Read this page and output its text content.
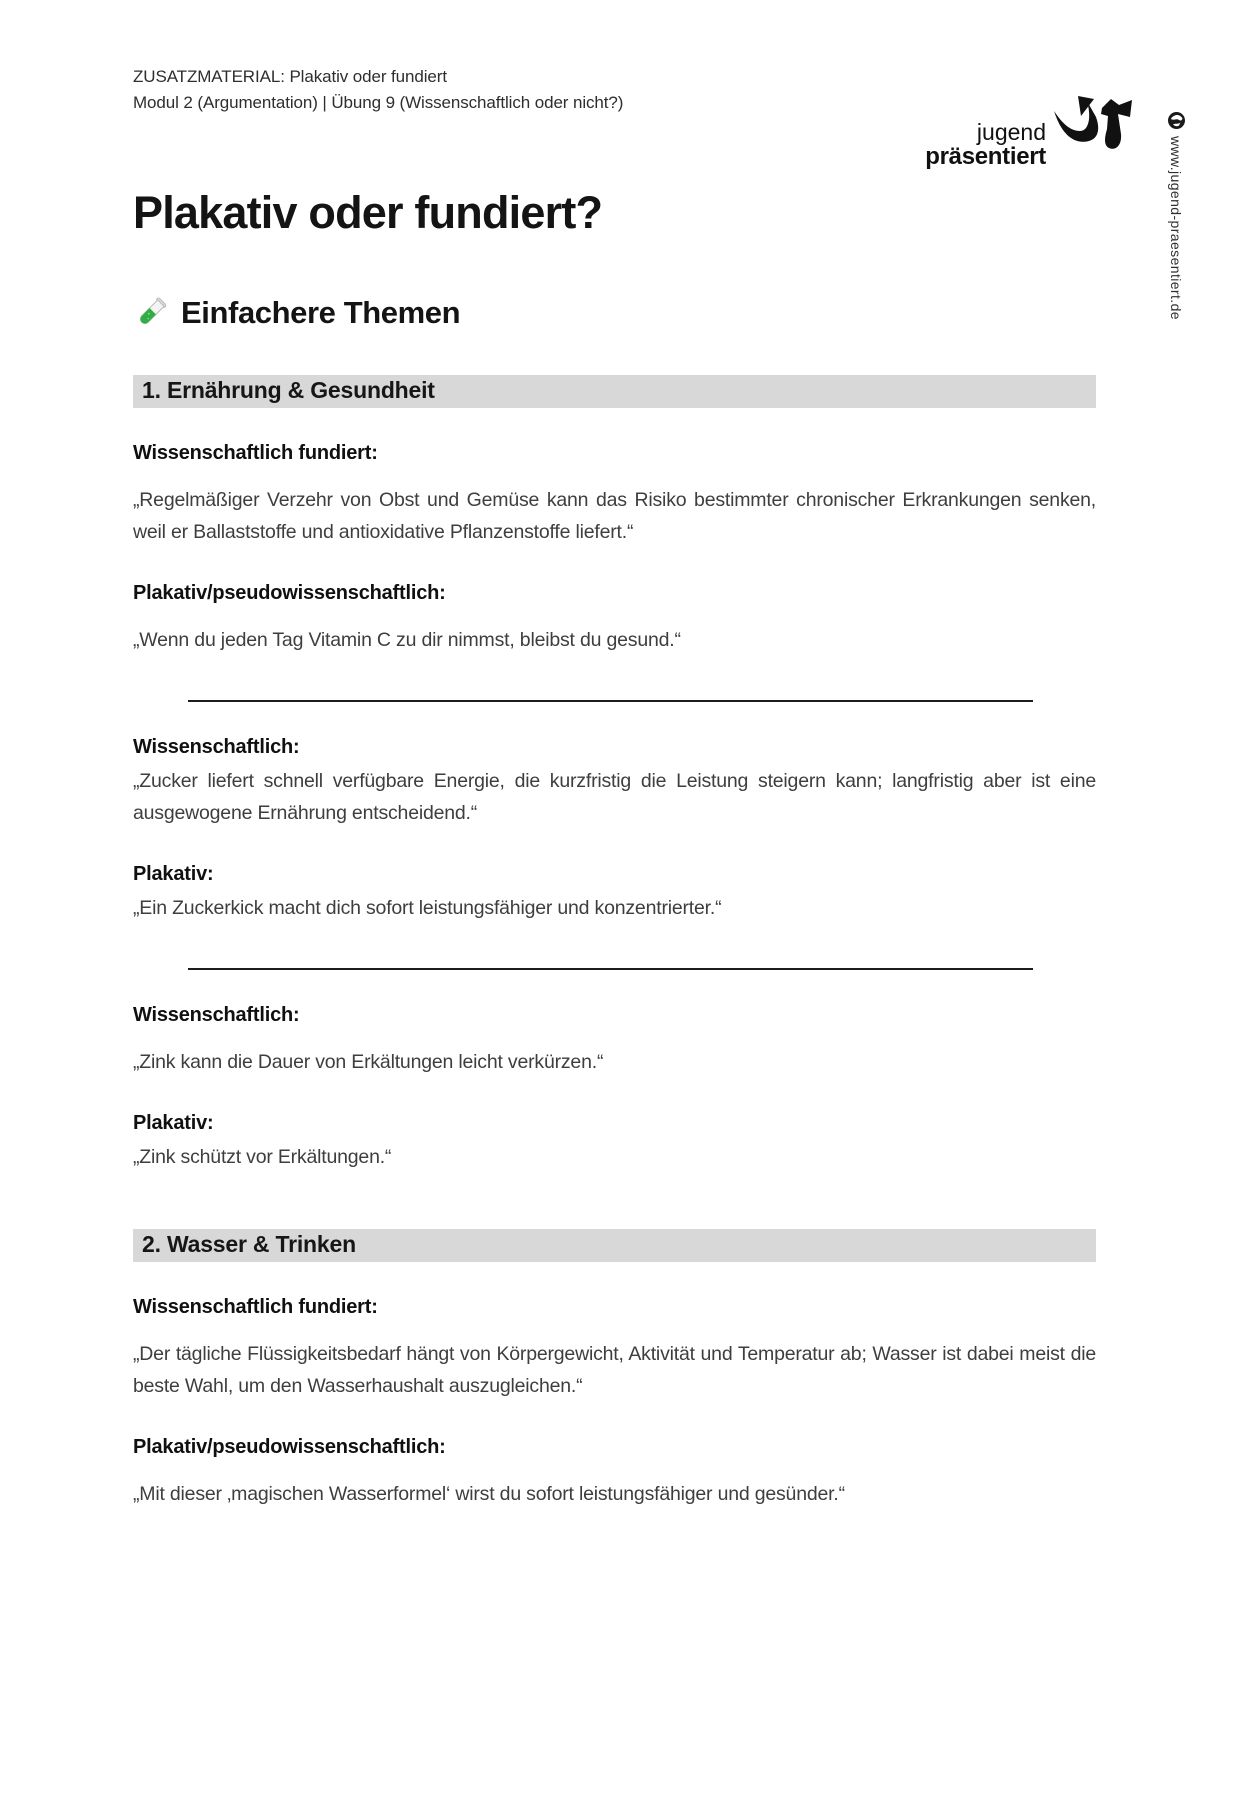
jugend
präsentiert	www.jugend-praesentiert.de
ZUSATZMATERIAL: Plakativ oder fundiert
Modul 2 (Argumentation) | Übung 9 (Wissenschaftlich oder nicht?)
Plakativ oder fundiert?
Einfachere Themen
1. Ernährung & Gesundheit
Wissenschaftlich fundiert:

„Regelmäßiger Verzehr von Obst und Gemüse kann das Risiko bestimmter chronischer Erkrankungen senken, weil er Ballaststoffe und antioxidative Pflanzenstoffe liefert.“

Plakativ/pseudowissenschaftlich:

„Wenn du jeden Tag Vitamin C zu dir nimmst, bleibst du gesund.“

Wissenschaftlich:

„Zucker liefert schnell verfügbare Energie, die kurzfristig die Leistung steigern kann; langfristig aber ist eine ausgewogene Ernährung entscheidend.“

Plakativ:

„Ein Zuckerkick macht dich sofort leistungsfähiger und konzentrierter.“

Wissenschaftlich:

„Zink kann die Dauer von Erkältungen leicht verkürzen.“

Plakativ:

„Zink schützt vor Erkältungen.“

2. Wasser & Trinken
Wissenschaftlich fundiert:

„Der tägliche Flüssigkeitsbedarf hängt von Körpergewicht, Aktivität und Temperatur ab; Wasser ist dabei meist die beste Wahl, um den Wasserhaushalt auszugleichen.“

Plakativ/pseudowissenschaftlich:

„Mit dieser ‚magischen Wasserformel‘ wirst du sofort leistungsfähiger und gesünder.“
